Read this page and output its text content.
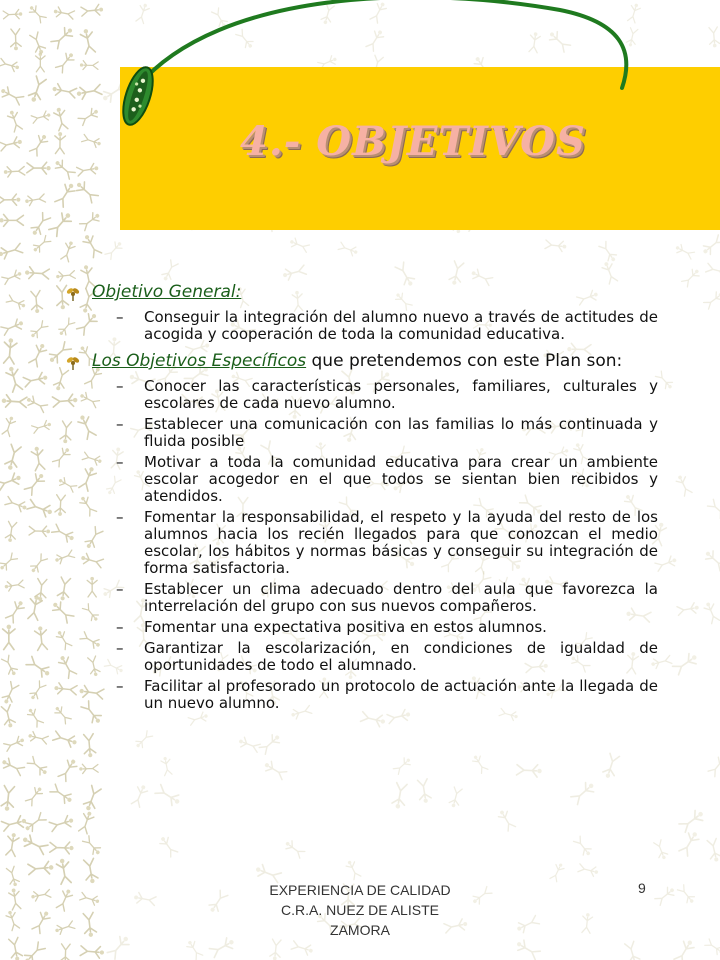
4.- OBJETIVOS
Objetivo General:
–	Conseguir la integración del alumno nuevo a través de actitudes de acogida y cooperación de toda la comunidad educativa.
Los Objetivos Específicos que pretendemos con este Plan son:
–	Conocer las características personales, familiares, culturales y escolares de cada nuevo alumno.
–	Establecer una comunicación con las familias lo más continuada y fluida posible
–	Motivar a toda la comunidad educativa para crear un ambiente escolar acogedor en el que todos se sientan bien recibidos y atendidos.
–	Fomentar la responsabilidad, el respeto y la ayuda del resto de los alumnos hacia los recién llegados para que conozcan el medio escolar, los hábitos y normas básicas y conseguir su integración de forma satisfactoria.
–	Establecer un clima adecuado dentro del aula que favorezca la interrelación del grupo con sus nuevos compañeros.
–	Fomentar una expectativa positiva en estos alumnos.
–	Garantizar la escolarización, en condiciones de igualdad de oportunidades de todo el alumnado.
–	Facilitar al profesorado un protocolo de actuación ante la llegada de un nuevo alumno.
EXPERIENCIA DE CALIDAD
C.R.A. NUEZ DE ALISTE
ZAMORA
9
